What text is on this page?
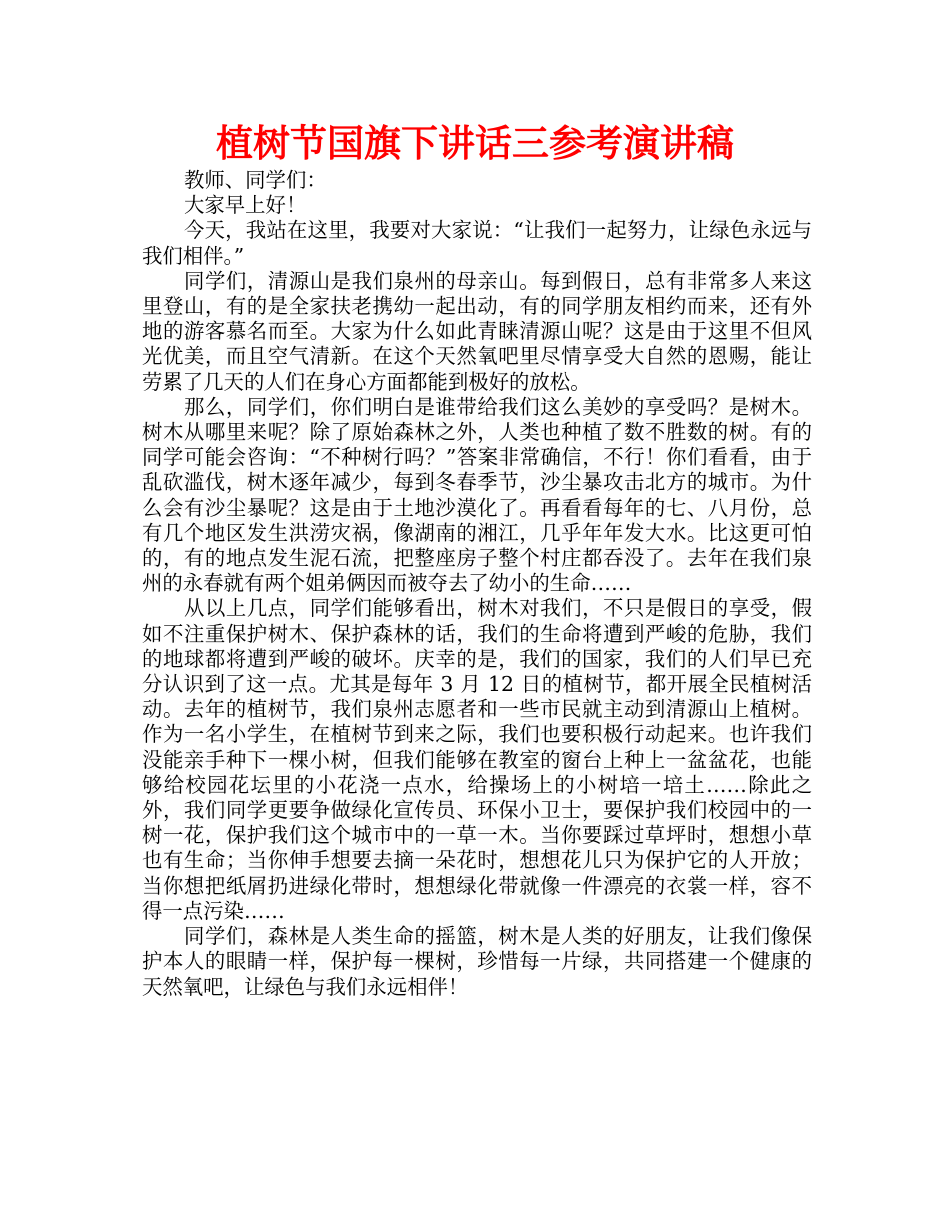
植树节国旗下讲话三参考演讲稿

教师、同学们：

大家早上好！

今天，我站在这里，我要对大家说：“让我们一起努力，让绿色永远与我们相伴。”

同学们，清源山是我们泉州的母亲山。每到假日，总有非常多人来这里登山，有的是全家扶老携幼一起出动，有的同学朋友相约而来，还有外地的游客慕名而至。大家为什么如此青睐清源山呢？这是由于这里不但风光优美，而且空气清新。在这个天然氧吧里尽情享受大自然的恩赐，能让劳累了几天的人们在身心方面都能到极好的放松。

那么，同学们，你们明白是谁带给我们这么美妙的享受吗？是树木。树木从哪里来呢？除了原始森林之外，人类也种植了数不胜数的树。有的同学可能会咨询：“不种树行吗？”答案非常确信，不行！你们看看，由于乱砍滥伐，树木逐年减少，每到冬春季节，沙尘暴攻击北方的城市。为什么会有沙尘暴呢？这是由于土地沙漠化了。再看看每年的七、八月份，总有几个地区发生洪涝灾祸，像湖南的湘江，几乎年年发大水。比这更可怕的，有的地点发生泥石流，把整座房子整个村庄都吞没了。去年在我们泉州的永春就有两个姐弟俩因而被夺去了幼小的生命……

从以上几点，同学们能够看出，树木对我们，不只是假日的享受，假如不注重保护树木、保护森林的话，我们的生命将遭到严峻的危胁，我们的地球都将遭到严峻的破坏。庆幸的是，我们的国家，我们的人们早已充分认识到了这一点。尤其是每年 3 月 12 日的植树节，都开展全民植树活动。去年的植树节，我们泉州志愿者和一些市民就主动到清源山上植树。作为一名小学生，在植树节到来之际，我们也要积极行动起来。也许我们没能亲手种下一棵小树，但我们能够在教室的窗台上种上一盆盆花，也能够给校园花坛里的小花浇一点水，给操场上的小树培一培土……除此之外，我们同学更要争做绿化宣传员、环保小卫士，要保护我们校园中的一树一花，保护我们这个城市中的一草一木。当你要踩过草坪时，想想小草也有生命；当你伸手想要去摘一朵花时，想想花儿只为保护它的人开放；当你想把纸屑扔进绿化带时，想想绿化带就像一件漂亮的衣裳一样，容不得一点污染……

同学们，森林是人类生命的摇篮，树木是人类的好朋友，让我们像保护本人的眼睛一样，保护每一棵树，珍惜每一片绿，共同搭建一个健康的天然氧吧，让绿色与我们永远相伴！
